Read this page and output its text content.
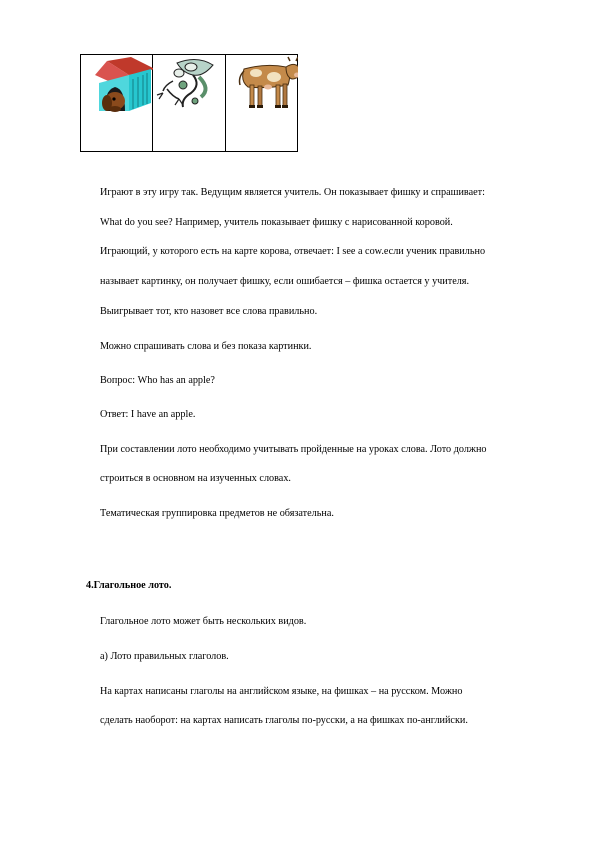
Играют в эту игру так. Ведущим является учитель. Он показывает фишку и спрашивает:
What do you see? Например, учитель показывает фишку с нарисованной коровой.
Играющий, у которого есть на карте корова, отвечает: I see a cow.если ученик правильно
называет картинку, он получает фишку, если ошибается – фишка остается у учителя.
Выигрывает тот, кто назовет все слова правильно.
Можно спрашивать слова и без показа картинки.
Вопрос: Who has an apple?
Ответ: I have an apple.
При составлении лото необходимо учитывать пройденные на уроках слова. Лото должно
строиться в основном на изученных словах.
Тематическая группировка предметов не обязательна.
4.Глагольное лото.
Глагольное лото может быть нескольких видов.
а) Лото правильных глаголов.
На картах написаны глаголы на английском языке, на фишках – на русском. Можно
сделать наоборот: на картах написать глаголы по-русски, а на фишках по-английски.
